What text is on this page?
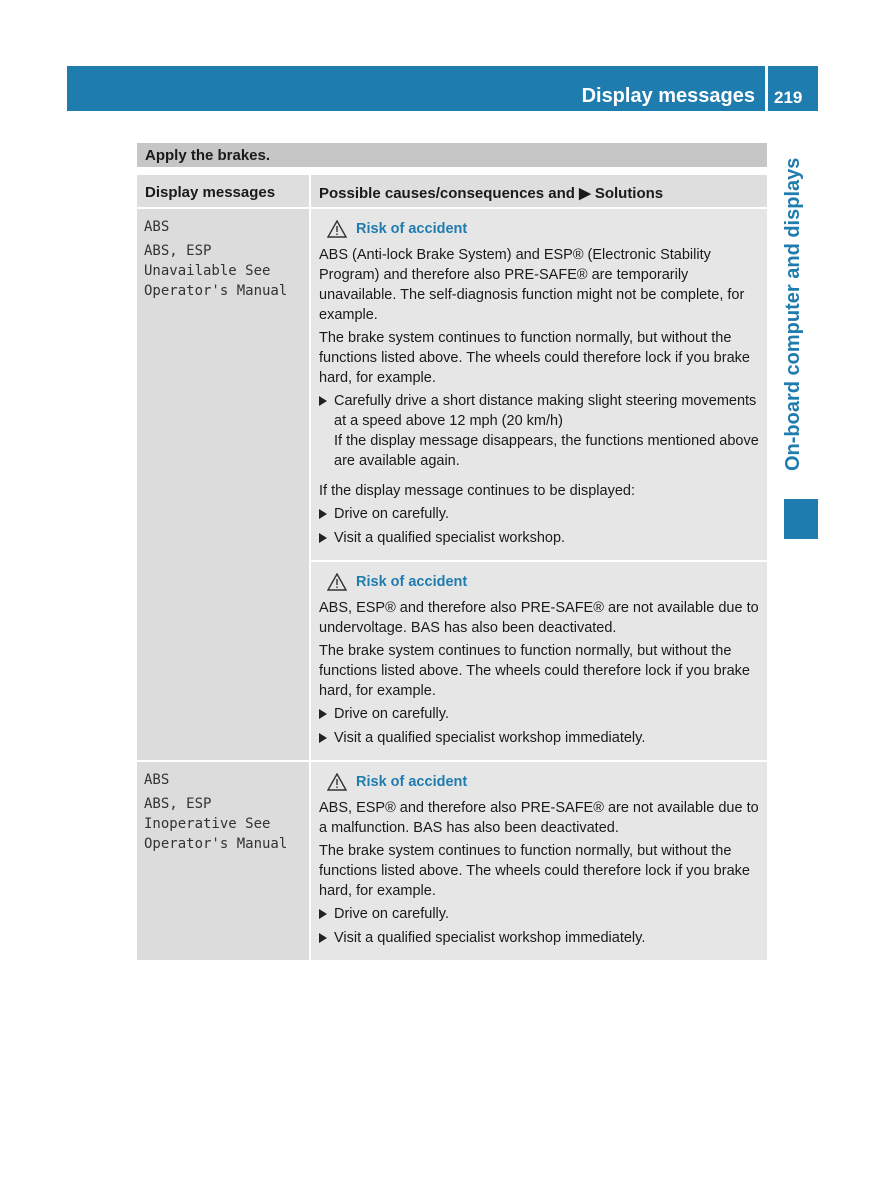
Display messages 219
On-board computer and displays
Apply the brakes.
Display messages	Possible causes/consequences and ▶ Solutions
ABS
ABS, ESP
Unavailable See
Operator's Manual
Risk of accident
ABS (Anti-lock Brake System) and ESP® (Electronic Stability Program) and therefore also PRE-SAFE® are temporarily unavailable. The self-diagnosis function might not be complete, for example.
The brake system continues to function normally, but without the functions listed above. The wheels could therefore lock if you brake hard, for example.
Carefully drive a short distance making slight steering movements at a speed above 12 mph (20 km/h)
If the display message disappears, the functions mentioned above are available again.
If the display message continues to be displayed:
Drive on carefully.
Visit a qualified specialist workshop.
Risk of accident
ABS, ESP® and therefore also PRE-SAFE® are not available due to undervoltage. BAS has also been deactivated.
The brake system continues to function normally, but without the functions listed above. The wheels could therefore lock if you brake hard, for example.
Drive on carefully.
Visit a qualified specialist workshop immediately.
ABS
ABS, ESP
Inoperative See
Operator's Manual
Risk of accident
ABS, ESP® and therefore also PRE-SAFE® are not available due to a malfunction. BAS has also been deactivated.
The brake system continues to function normally, but without the functions listed above. The wheels could therefore lock if you brake hard, for example.
Drive on carefully.
Visit a qualified specialist workshop immediately.
